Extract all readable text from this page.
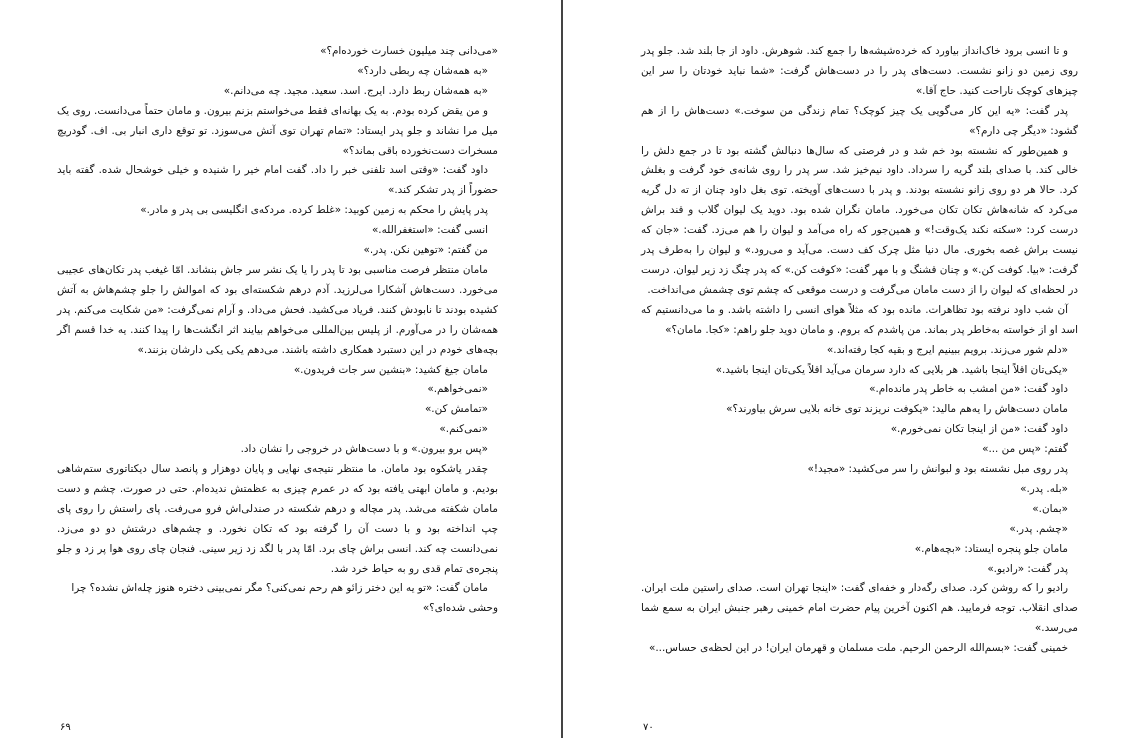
«می‌دانی چند میلیون خسارت خورده‌ام؟»

«به همه‌شان چه ربطی دارد؟»

«به همه‌شان ربط دارد. ایرج. اسد. سعید. مجید. چه می‌دانم.»

و من یقض کرده بودم. به یک بهانه‌ای فقط می‌خواستم بزنم بیرون. و مامان حتماً می‌دانست. روی یک میل مرا نشاند و جلو پدر ایستاد: «تمام تهران توی آتش می‌سوزد. تو توقع داری انبار بی. اف. گودریچ مسخرات دست‌نخورده باقی بماند؟»

داود گفت: «وقتی اسد تلفنی خبر را داد. گفت امام خیر را شنیده و خیلی خوشحال شده. گفته باید حضوراً از پدر تشکر کند.»

پدر پایش را محکم به زمین کوبید: «غلط کرده. مردکه‌ی انگلیسی بی پدر و مادر.»

انسی گفت: «استغفرالله.»

من گفتم: «توهین نکن. پدر.»

مامان منتظر فرصت مناسبی بود تا پدر را یا یک نشر سر جاش بنشاند. امّا غیغب پدر تکان‌های عجیبی می‌خورد. دست‌هاش آشکارا می‌لرزید. آدم درهم شکسته‌ای بود که اموالش را جلو چشم‌هاش به آتش کشیده بودند تا نابودش کنند. فریاد می‌کشید. فحش می‌داد. و آرام نمی‌گرفت: «من شکایت می‌کنم. پدر همه‌شان را در می‌آورم. از پلیس بین‌المللی می‌خواهم بیایند اثر انگشت‌ها را پیدا کنند. یه خدا قسم اگر بچه‌های خودم در این دستبرد همکاری داشته باشند. می‌دهم یکی یکی دارشان بزنند.»

مامان جیغ کشید: «بنشین سر جات فریدون.»

«نمی‌خواهم.»

«تمامش کن.»

«نمی‌کنم.»

«پس برو بیرون.» و با دست‌هاش در خروجی را نشان داد.

چقدر یاشکوه بود مامان. ما منتظر نتیجه‌ی نهایی و پایان دوهزار و پانصد سال دیکتاتوری ستم‌شاهی بودیم. و مامان ابهتی یافته بود که در عمرم چیزی به عظمتش ندیده‌ام. حتی در صورت. چشم و دست مامان شکفته می‌شد. پدر مچاله و درهم شکسته در صندلی‌اش فرو می‌رفت. پای راستش را روی پای چپ انداخته بود و با دست آن را گرفته بود که تکان نخورد. و چشم‌های درشتش دو دو می‌زد. نمی‌دانست چه کند. انسی براش چای برد. امّا پدر با لگد زد زیر سینی. فنجان چای روی هوا پر زد و جلو پنجره‌ی تمام قدی رو به حیاط خرد شد.

مامان گفت: «تو یه این دختر زائو هم رحم نمی‌کنی؟ مگر نمی‌بینی دختره هنوز چله‌اش نشده؟ چرا وحشی شده‌ای؟»

۶۹

و تا انسی برود خاک‌انداز بیاورد که خرده‌شیشه‌ها را جمع کند. شوهرش. داود از جا بلند شد. جلو پدر روی زمین دو زانو نشست. دست‌های پدر را در دست‌هاش گرفت: «شما نباید خودتان را سر این چیزهای کوچک ناراحت کنید. حاج آقا.»

پدر گفت: «یه این کار می‌گویی یک چیز کوچک؟ تمام زندگی من سوخت.» دست‌هاش را از هم گشود: «دیگر چی دارم؟»

و همین‌طور که نشسته بود خم شد و در فرصتی که سال‌ها دنبالش گشته بود تا در جمع دلش را خالی کند. با صدای بلند گریه را سرداد. داود نیم‌خیز شد. سر پدر را روی شانه‌ی خود گرفت و بغلش کرد. حالا هر دو روی زانو نشسته بودند. و پدر با دست‌های آویخته. توی بغل داود چنان از ته دل گریه می‌کرد که شانه‌هاش تکان تکان می‌خورد. مامان نگران شده بود. دوید یک لیوان گلاب و قند براش درست کرد: «سکته نکند یک‌وقت!» و همین‌جور که راه می‌آمد و لیوان را هم می‌زد. گفت: «جان که نیست براش غصه بخوری. مال دنیا مثل چرک کف دست. می‌آید و می‌رود.» و لیوان را به‌طرف پدر گرفت: «بیا. کوفت کن.» و چنان قشنگ و با مهر گفت: «کوفت کن.» که پدر چنگ زد زیر لیوان. درست در لحظه‌ای که لیوان را از دست مامان می‌گرفت و درست موقعی که چشم توی چشمش می‌انداخت.

آن شب داود نرفته بود تظاهرات. مانده بود که مثلاً هوای انسی را داشته باشد. و ما می‌دانستیم که اسد او از خواسته به‌خاطر پدر بماند. من پاشدم که بروم. و مامان دوید جلو راهم: «کجا. مامان؟»

«دلم شور می‌زند. برویم ببینیم ایرج و بقیه کجا رفته‌اند.»

«یکی‌تان اقلاً اینجا باشید. هر بلایی که دارد سرمان می‌آید اقلاً یکی‌تان اینجا باشید.»

داود گفت: «من امشب به خاطر پدر مانده‌ام.»

مامان دست‌هاش را یه‌هم مالید: «یکوفت نریزند توی خانه بلایی سرش بیاورند؟»

داود گفت: «من از اینجا تکان نمی‌خورم.»

گفتم: «پس من ...»

پدر روی مبل نشسته بود و لبوانش را سر می‌کشید: «مجید!»

«بله. پدر.»

«بمان.»

«چشم. پدر.»

مامان جلو پنجره ایستاد: «بچه‌هام.»

پدر گفت: «رادیو.»

رادیو را که روشن کرد. صدای رگه‌دار و خفه‌ای گفت: «اینجا تهران است. صدای راستین ملت ایران. صدای انقلاب. توجه فرمایید. هم اکنون آخرین پیام حضرت امام خمینی رهبر جنبش ایران به سمع شما می‌رسد.»

خمینی گفت: «بسم‌الله الرحمن الرحیم. ملت مسلمان و قهرمان ایران! در این لحظه‌ی حساس...»

۷۰
